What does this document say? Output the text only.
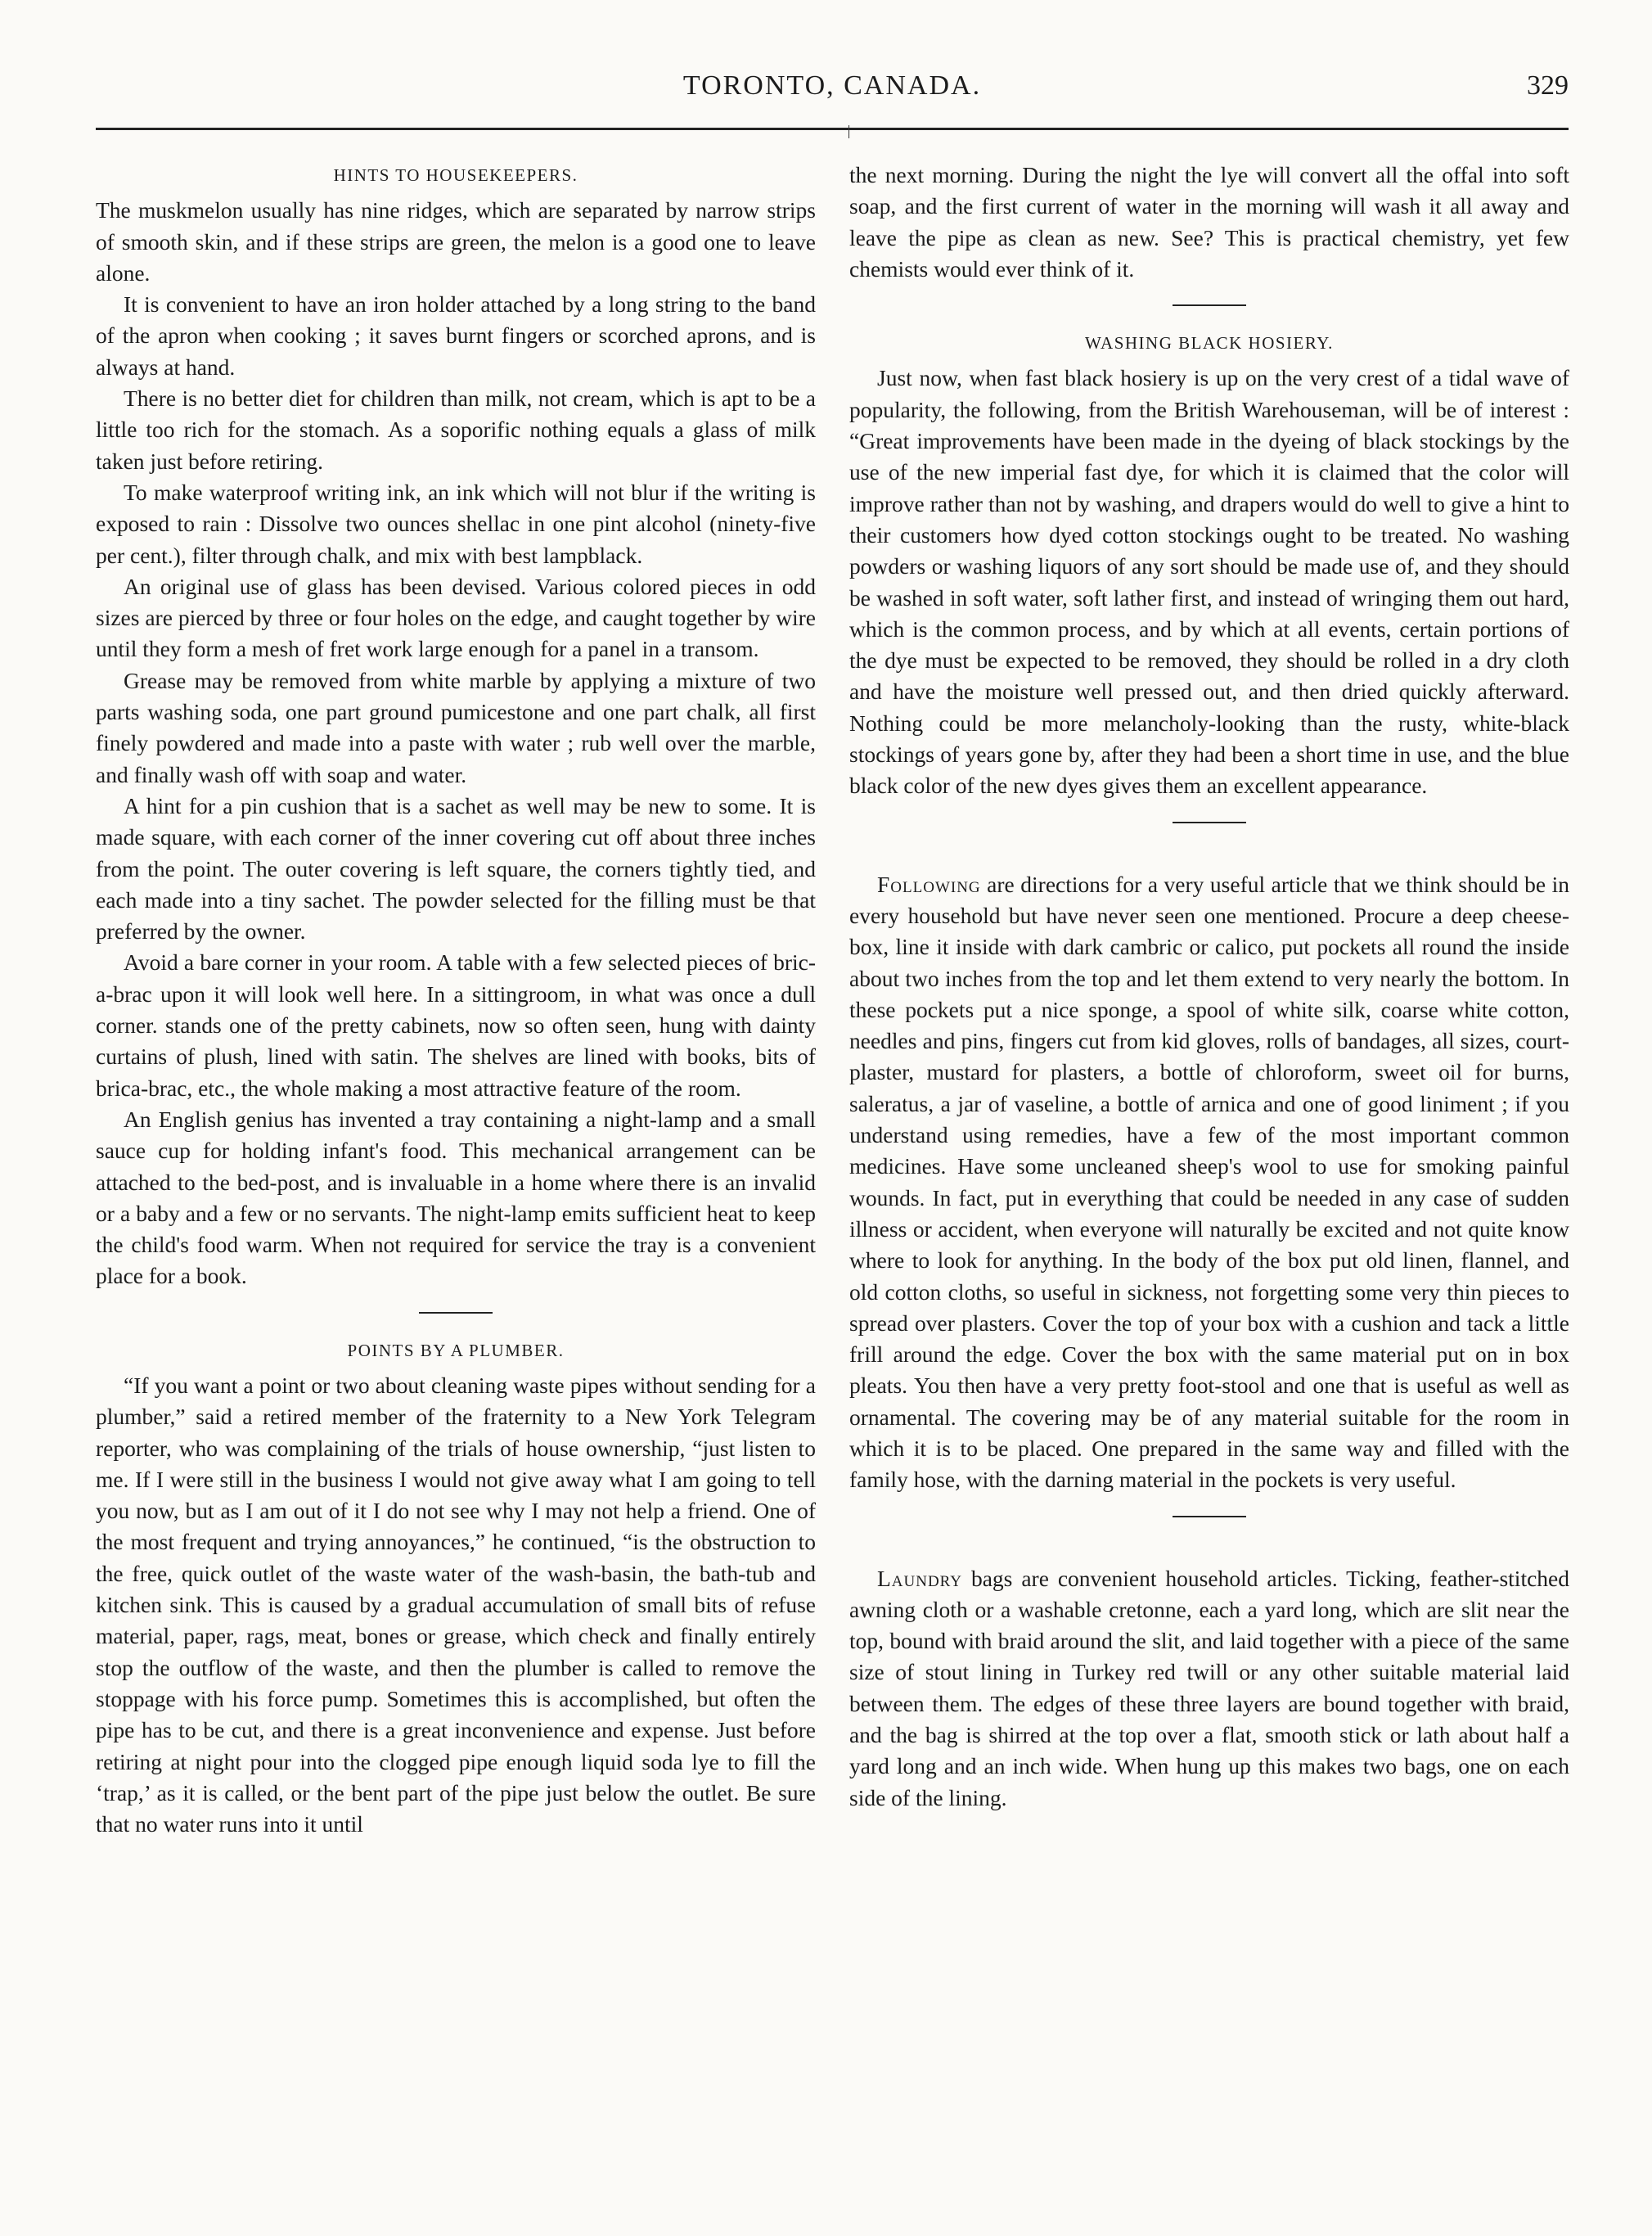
TORONTO, CANADA.	329
HINTS TO HOUSEKEEPERS.

The muskmelon usually has nine ridges, which are separated by narrow strips of smooth skin, and if these strips are green, the melon is a good one to leave alone.

It is convenient to have an iron holder attached by a long string to the band of the apron when cooking ; it saves burnt fingers or scorched aprons, and is always at hand.

There is no better diet for children than milk, not cream, which is apt to be a little too rich for the stomach. As a soporific nothing equals a glass of milk taken just before retiring.

To make waterproof writing ink, an ink which will not blur if the writing is exposed to rain : Dissolve two ounces shellac in one pint alcohol (ninety-five per cent.), filter through chalk, and mix with best lampblack.

An original use of glass has been devised. Various colored pieces in odd sizes are pierced by three or four holes on the edge, and caught together by wire until they form a mesh of fret work large enough for a panel in a transom.

Grease may be removed from white marble by applying a mixture of two parts washing soda, one part ground pumicestone and one part chalk, all first finely powdered and made into a paste with water ; rub well over the marble, and finally wash off with soap and water.

A hint for a pin cushion that is a sachet as well may be new to some. It is made square, with each corner of the inner covering cut off about three inches from the point. The outer covering is left square, the corners tightly tied, and each made into a tiny sachet. The powder selected for the filling must be that preferred by the owner.

Avoid a bare corner in your room. A table with a few selected pieces of bric-a-brac upon it will look well here. In a sittingroom, in what was once a dull corner. stands one of the pretty cabinets, now so often seen, hung with dainty curtains of plush, lined with satin. The shelves are lined with books, bits of brica-brac, etc., the whole making a most attractive feature of the room.

An English genius has invented a tray containing a night-lamp and a small sauce cup for holding infant's food. This mechanical arrangement can be attached to the bed-post, and is invaluable in a home where there is an invalid or a baby and a few or no servants. The night-lamp emits sufficient heat to keep the child's food warm. When not required for service the tray is a convenient place for a book.

POINTS BY A PLUMBER.

“If you want a point or two about cleaning waste pipes without sending for a plumber,” said a retired member of the fraternity to a New York Telegram reporter, who was complaining of the trials of house ownership, “just listen to me. If I were still in the business I would not give away what I am going to tell you now, but as I am out of it I do not see why I may not help a friend. One of the most frequent and trying annoyances,” he continued, “is the obstruction to the free, quick outlet of the waste water of the wash-basin, the bath-tub and kitchen sink. This is caused by a gradual accumulation of small bits of refuse material, paper, rags, meat, bones or grease, which check and finally entirely stop the outflow of the waste, and then the plumber is called to remove the stoppage with his force pump. Sometimes this is accomplished, but often the pipe has to be cut, and there is a great inconvenience and expense. Just before retiring at night pour into the clogged pipe enough liquid soda lye to fill the ‘trap,’ as it is called, or the bent part of the pipe just below the outlet. Be sure that no water runs into it until

the next morning. During the night the lye will convert all the offal into soft soap, and the first current of water in the morning will wash it all away and leave the pipe as clean as new. See? This is practical chemistry, yet few chemists would ever think of it.

WASHING BLACK HOSIERY.

Just now, when fast black hosiery is up on the very crest of a tidal wave of popularity, the following, from the British Warehouseman, will be of interest : “Great improvements have been made in the dyeing of black stockings by the use of the new imperial fast dye, for which it is claimed that the color will improve rather than not by washing, and drapers would do well to give a hint to their customers how dyed cotton stockings ought to be treated. No washing powders or washing liquors of any sort should be made use of, and they should be washed in soft water, soft lather first, and instead of wringing them out hard, which is the common process, and by which at all events, certain portions of the dye must be expected to be removed, they should be rolled in a dry cloth and have the moisture well pressed out, and then dried quickly afterward. Nothing could be more melancholy-looking than the rusty, white-black stockings of years gone by, after they had been a short time in use, and the blue black color of the new dyes gives them an excellent appearance.

Following are directions for a very useful article that we think should be in every household but have never seen one mentioned. Procure a deep cheese-box, line it inside with dark cambric or calico, put pockets all round the inside about two inches from the top and let them extend to very nearly the bottom. In these pockets put a nice sponge, a spool of white silk, coarse white cotton, needles and pins, fingers cut from kid gloves, rolls of bandages, all sizes, court-plaster, mustard for plasters, a bottle of chloroform, sweet oil for burns, saleratus, a jar of vaseline, a bottle of arnica and one of good liniment ; if you understand using remedies, have a few of the most important common medicines. Have some uncleaned sheep's wool to use for smoking painful wounds. In fact, put in everything that could be needed in any case of sudden illness or accident, when everyone will naturally be excited and not quite know where to look for anything. In the body of the box put old linen, flannel, and old cotton cloths, so useful in sickness, not forgetting some very thin pieces to spread over plasters. Cover the top of your box with a cushion and tack a little frill around the edge. Cover the box with the same material put on in box pleats. You then have a very pretty foot-stool and one that is useful as well as ornamental. The covering may be of any material suitable for the room in which it is to be placed. One prepared in the same way and filled with the family hose, with the darning material in the pockets is very useful.

Laundry bags are convenient household articles. Ticking, feather-stitched awning cloth or a washable cretonne, each a yard long, which are slit near the top, bound with braid around the slit, and laid together with a piece of the same size of stout lining in Turkey red twill or any other suitable material laid between them. The edges of these three layers are bound together with braid, and the bag is shirred at the top over a flat, smooth stick or lath about half a yard long and an inch wide. When hung up this makes two bags, one on each side of the lining.
